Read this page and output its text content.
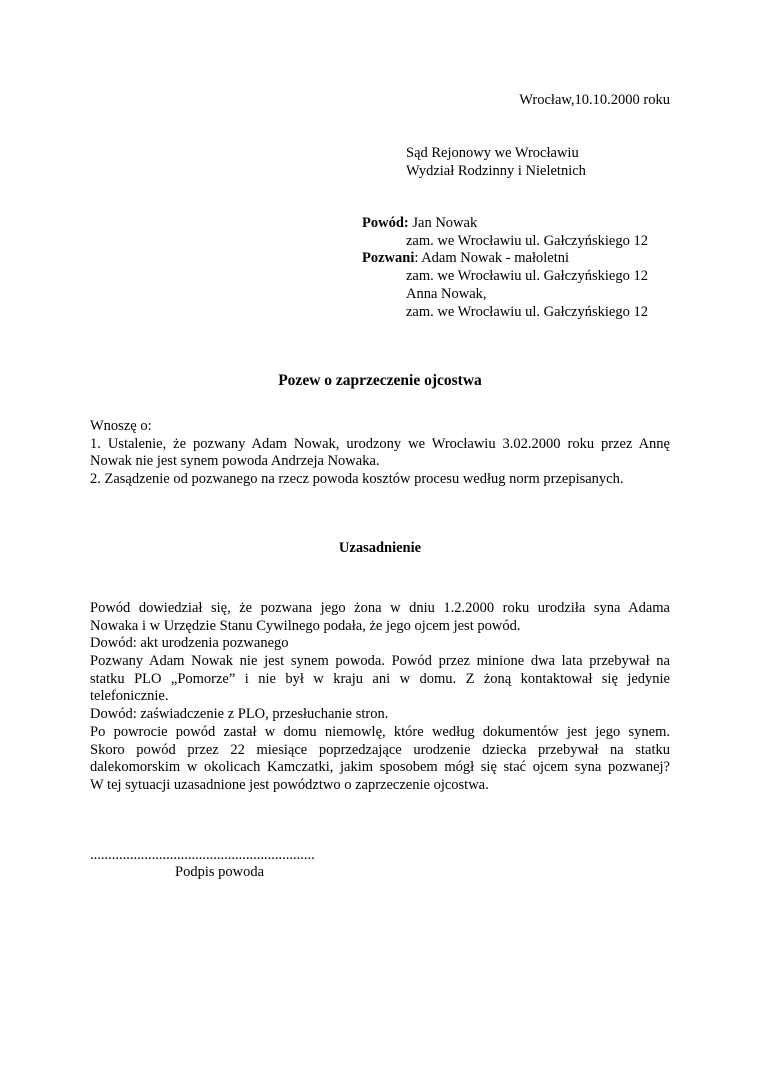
Wrocław,10.10.2000 roku
Sąd Rejonowy we Wrocławiu
Wydział Rodzinny i Nieletnich
Powód: Jan Nowak
zam. we Wrocławiu ul. Gałczyńskiego 12
Pozwani: Adam Nowak - małoletni
zam. we Wrocławiu ul. Gałczyńskiego 12
Anna Nowak,
zam. we Wrocławiu ul. Gałczyńskiego 12
Pozew o zaprzeczenie ojcostwa
Wnoszę o:
1. Ustalenie, że pozwany Adam Nowak, urodzony we Wrocławiu 3.02.2000 roku przez Annę
Nowak nie jest synem powoda Andrzeja Nowaka.
2. Zasądzenie od pozwanego na rzecz powoda kosztów procesu według norm przepisanych.
Uzasadnienie
Powód dowiedział się, że pozwana jego żona w dniu 1.2.2000 roku urodziła syna Adama
Nowaka i w Urzędzie Stanu Cywilnego podała, że jego ojcem jest powód.
Dowód: akt urodzenia pozwanego
Pozwany Adam Nowak nie jest synem powoda. Powód przez minione dwa lata przebywał na
statku PLO „Pomorze” i nie był w kraju ani w domu. Z żoną kontaktował się jedynie
telefonicznie.
Dowód: zaświadczenie z PLO, przesłuchanie stron.
Po powrocie powód zastał w domu niemowlę, które według dokumentów jest jego synem.
Skoro powód przez 22 miesiące poprzedzające urodzenie dziecka przebywał na statku
dalekomorskim w okolicach Kamczatki, jakim sposobem mógł się stać ojcem syna pozwanej?
W tej sytuacji uzasadnione jest powództwo o zaprzeczenie ojcostwa.
..............................................................
Podpis powoda
